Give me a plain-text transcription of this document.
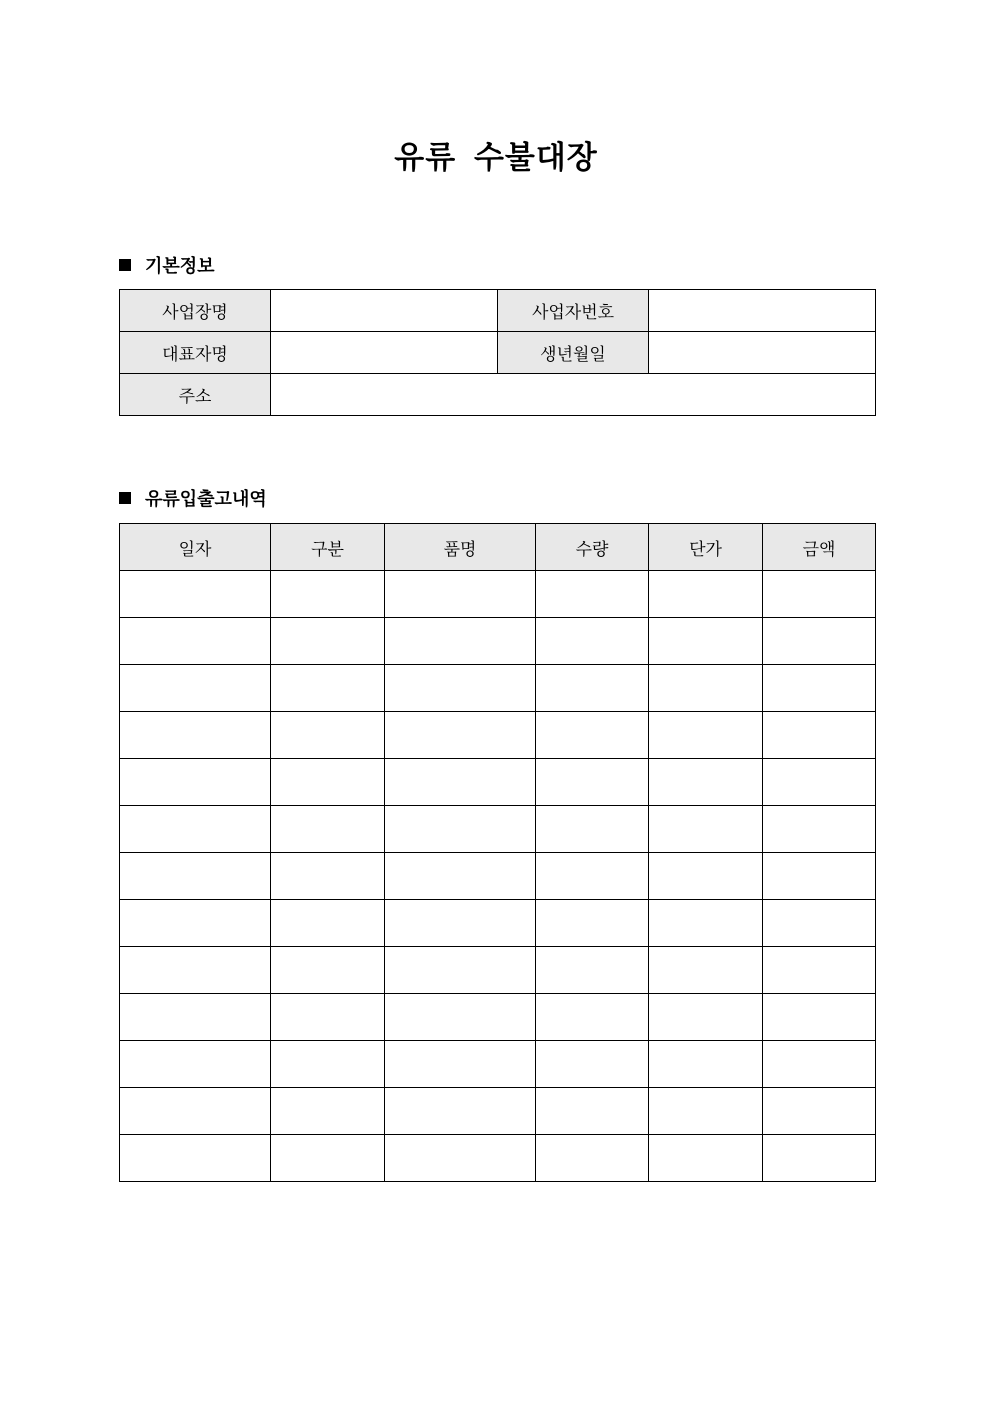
유류 수불대장
기본정보
사업장명		사업자번호	
대표자명		생년월일	
주소			
유류입출고내역
일자	구분	품명	수량	단가	금액
